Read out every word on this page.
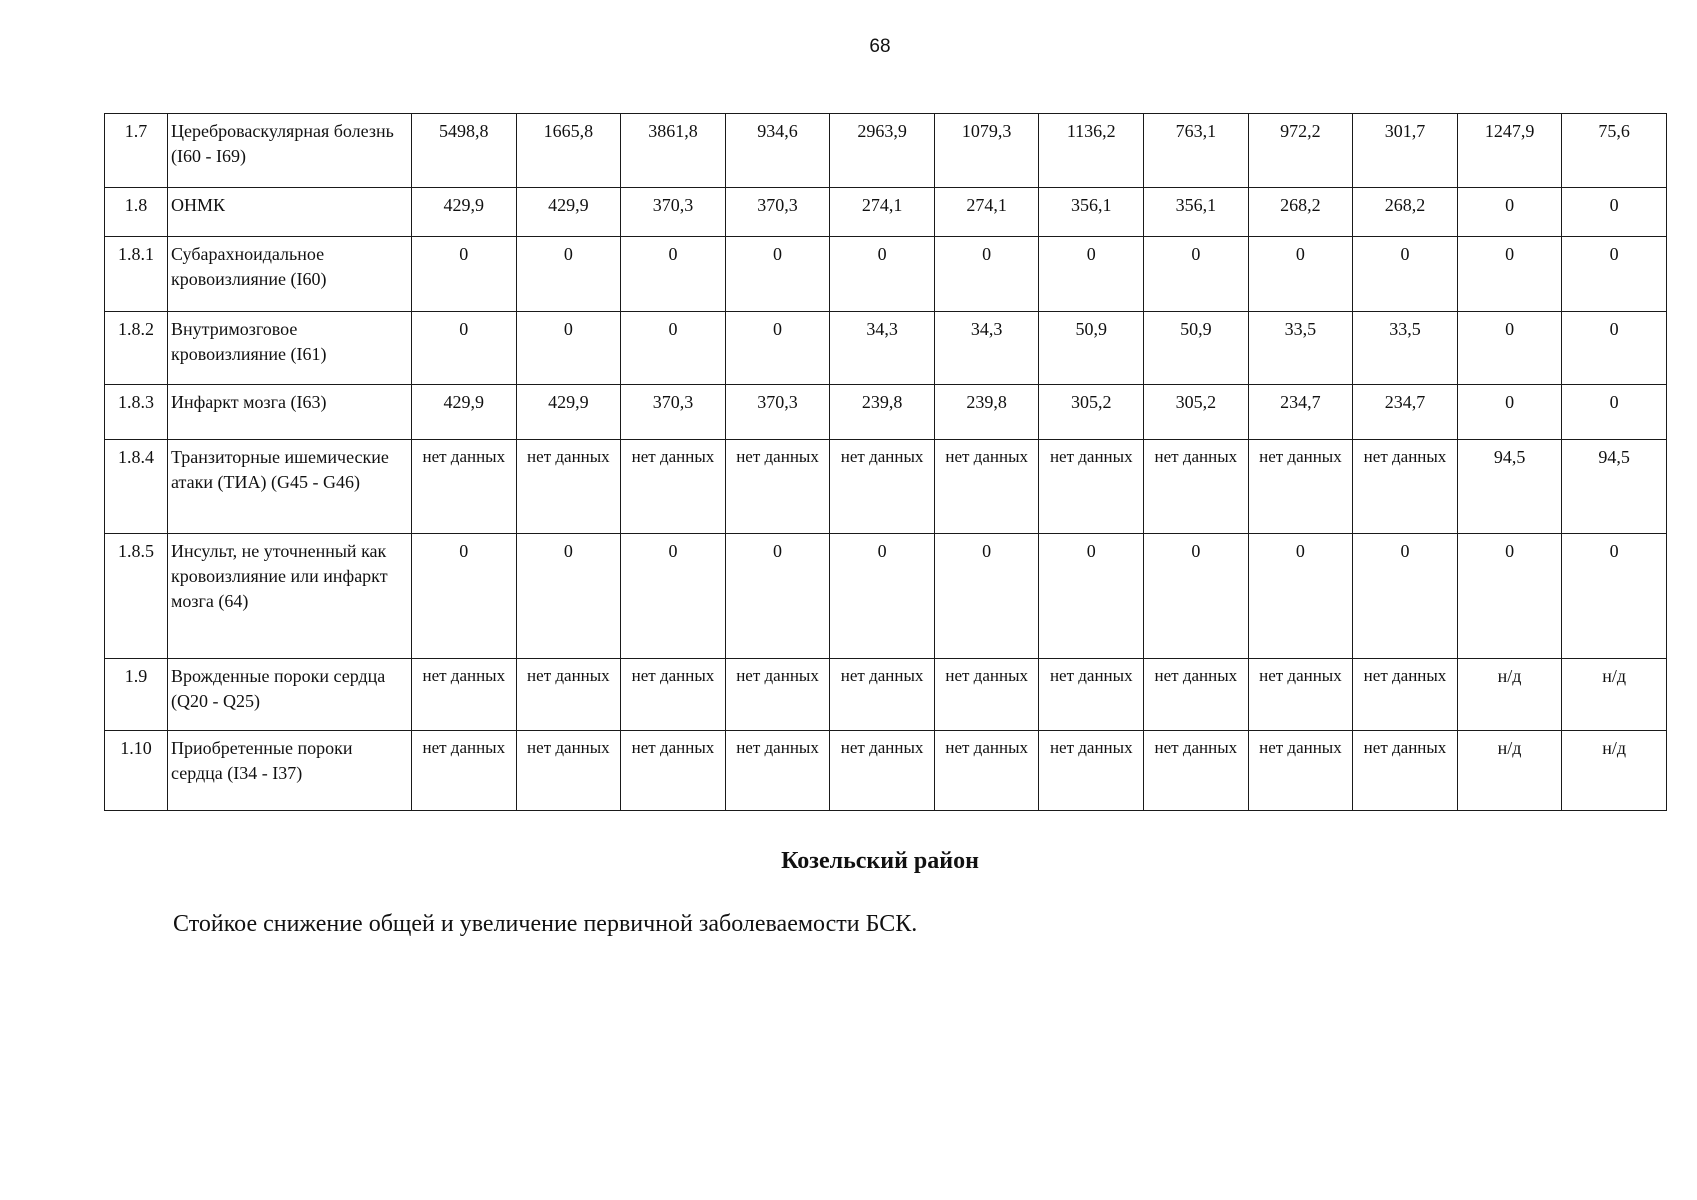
68
1.7	Цереброваскулярная болезнь (I60 - I69)	5498,8	1665,8	3861,8	934,6	2963,9	1079,3	1136,2	763,1	972,2	301,7	1247,9	75,6
1.8	ОНМК	429,9	429,9	370,3	370,3	274,1	274,1	356,1	356,1	268,2	268,2	0	0
1.8.1	Субарахноидальное кровоизлияние (I60)	0	0	0	0	0	0	0	0	0	0	0	0
1.8.2	Внутримозговое кровоизлияние (I61)	0	0	0	0	34,3	34,3	50,9	50,9	33,5	33,5	0	0
1.8.3	Инфаркт мозга (I63)	429,9	429,9	370,3	370,3	239,8	239,8	305,2	305,2	234,7	234,7	0	0
1.8.4	Транзиторные ишемические атаки (ТИА) (G45 - G46)	нет данных	нет данных	нет данных	нет данных	нет данных	нет данных	нет данных	нет данных	нет данных	нет данных	94,5	94,5
1.8.5	Инсульт, не уточненный как кровоизлияние или инфаркт мозга (64)	0	0	0	0	0	0	0	0	0	0	0	0
1.9	Врожденные пороки сердца (Q20 - Q25)	нет данных	нет данных	нет данных	нет данных	нет данных	нет данных	нет данных	нет данных	нет данных	нет данных	н/д	н/д
1.10	Приобретенные пороки сердца (I34 - I37)	нет данных	нет данных	нет данных	нет данных	нет данных	нет данных	нет данных	нет данных	нет данных	нет данных	н/д	н/д
Козельский район
Стойкое снижение общей и увеличение первичной заболеваемости БСК.
